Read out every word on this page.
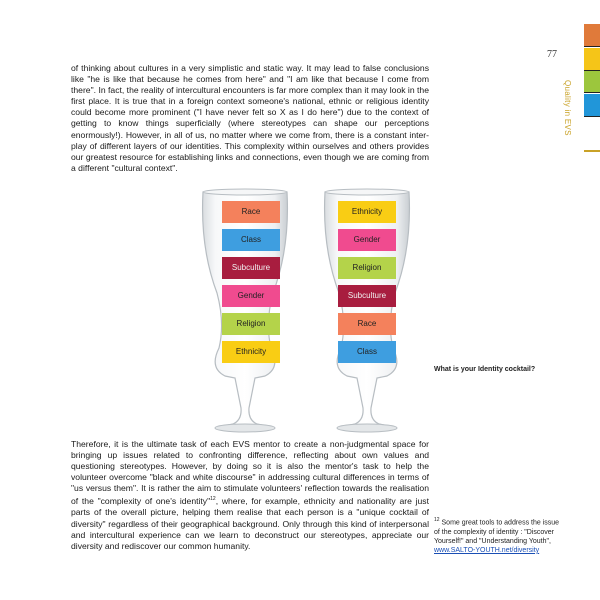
77
Quality in EVS

of thinking about cultures in a very simplistic and static way. It may lead to false conclusions like "he is like that because he comes from here" and "I am like that because I come from there". In fact, the reality of intercultural encounters is far more complex than it may look in the first place. It is true that in a foreign context someone's national, ethnic or religious identity could become more prominent ("I have never felt so X as I do here") due to the context of getting to know things superficially (where stereotypes can shape our perceptions enormously!). However, in all of us, no matter where we come from, there is a constant inter-play of different layers of our identities. This complexity within ourselves and others provides our greatest resource for establishing links and connections, even though we are coming from a different "cultural context".

Race
Class
Subculture
Gender
Religion
Ethnicity
Ethnicity
Gender
Religion
Subculture
Race
Class
What is your Identity cocktail?

Therefore, it is the ultimate task of each EVS mentor to create a non-judgmental space for bringing up issues related to confronting difference, reflecting about own values and questioning stereotypes. However, by doing so it is also the mentor's task to help the volunteer overcome "black and white discourse" in addressing cultural differences in terms of "us versus them". It is rather the aim to stimulate volunteers' reflection towards the realisation of the "complexity of one's identity"$^{12}$, where, for example, ethnicity and nationality are just parts of the overall picture, helping them realise that each person is a "unique cocktail of diversity" regardless of their geographical background. Only through this kind of interpersonal and intercultural experience can we learn to deconstruct our stereotypes, appreciate our diversity and rediscover our common humanity.

$^{12}$ Some great tools to address the issue of the complexity of identity : "Discover Yourself!" and "Understanding Youth", www.SALTO-YOUTH.net/diversity
